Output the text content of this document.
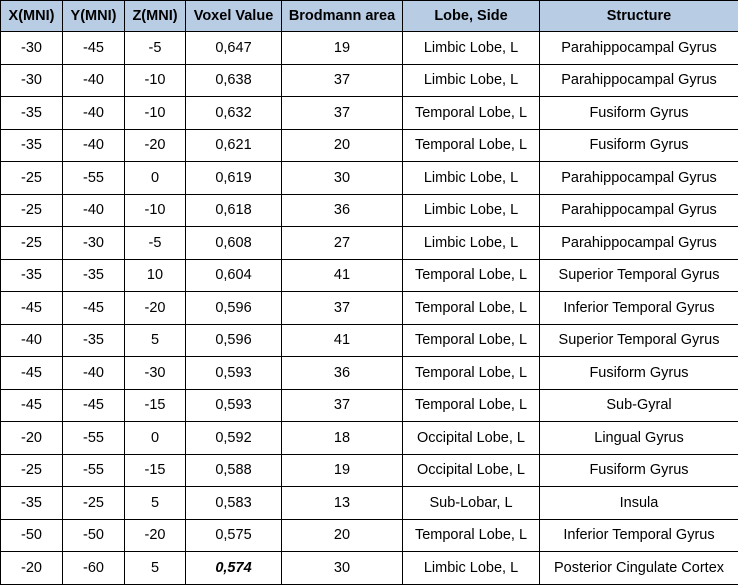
X(MNI)	Y(MNI)	Z(MNI)	Voxel Value	Brodmann area	Lobe, Side	Structure
-30	-45	-5	0,647	19	Limbic Lobe, L	Parahippocampal Gyrus
-30	-40	-10	0,638	37	Limbic Lobe, L	Parahippocampal Gyrus
-35	-40	-10	0,632	37	Temporal Lobe, L	Fusiform Gyrus
-35	-40	-20	0,621	20	Temporal Lobe, L	Fusiform Gyrus
-25	-55	0	0,619	30	Limbic Lobe, L	Parahippocampal Gyrus
-25	-40	-10	0,618	36	Limbic Lobe, L	Parahippocampal Gyrus
-25	-30	-5	0,608	27	Limbic Lobe, L	Parahippocampal Gyrus
-35	-35	10	0,604	41	Temporal Lobe, L	Superior Temporal Gyrus
-45	-45	-20	0,596	37	Temporal Lobe, L	Inferior Temporal Gyrus
-40	-35	5	0,596	41	Temporal Lobe, L	Superior Temporal Gyrus
-45	-40	-30	0,593	36	Temporal Lobe, L	Fusiform Gyrus
-45	-45	-15	0,593	37	Temporal Lobe, L	Sub-Gyral
-20	-55	0	0,592	18	Occipital Lobe, L	Lingual Gyrus
-25	-55	-15	0,588	19	Occipital Lobe, L	Fusiform Gyrus
-35	-25	5	0,583	13	Sub-Lobar, L	Insula
-50	-50	-20	0,575	20	Temporal Lobe, L	Inferior Temporal Gyrus
-20	-60	5	0,574	30	Limbic Lobe, L	Posterior Cingulate Cortex
